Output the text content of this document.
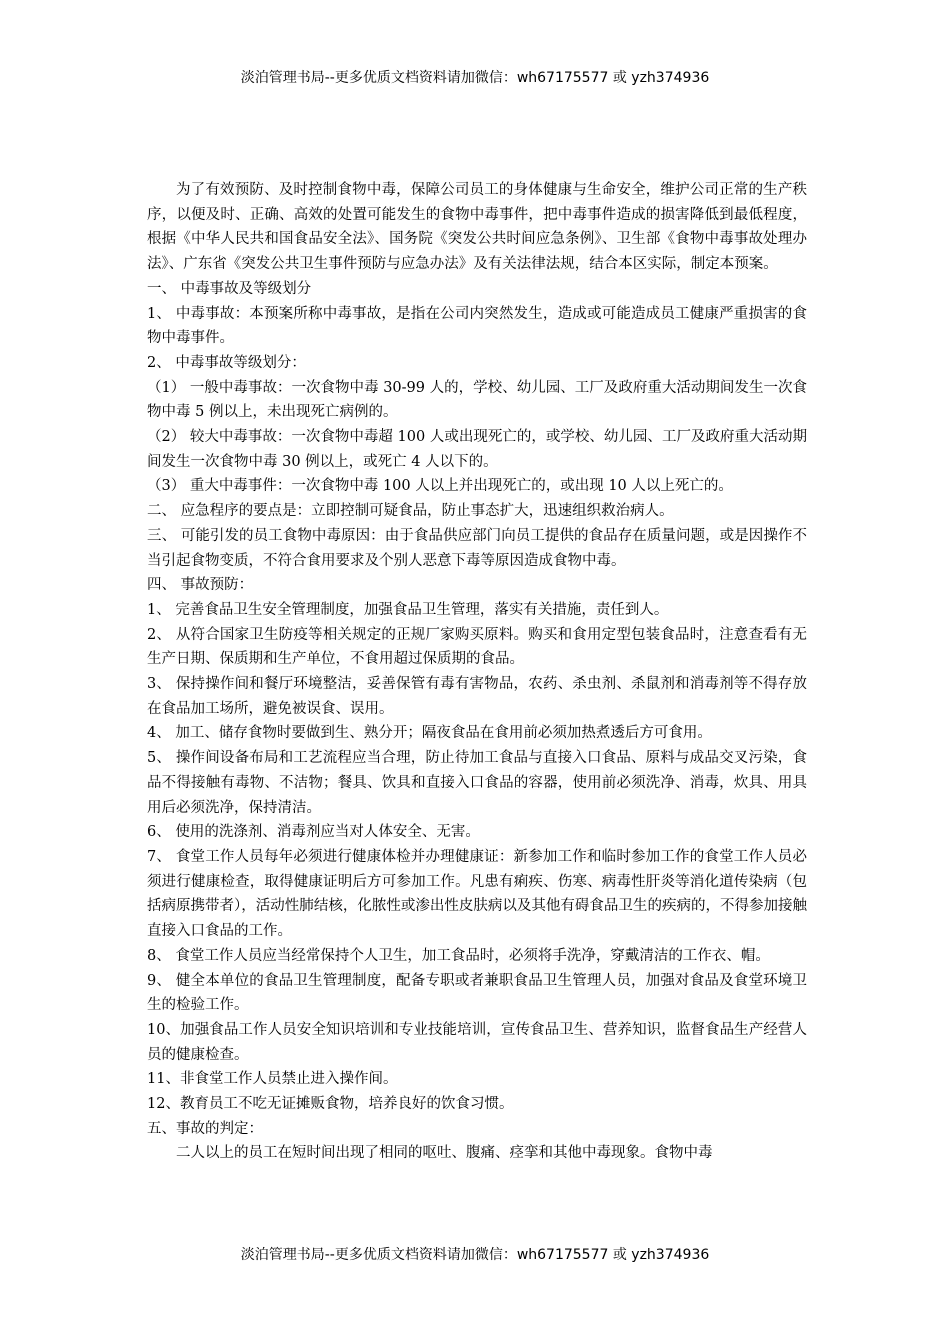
淡泊管理书局--更多优质文档资料请加微信：wh67175577 或 yzh374936

为了有效预防、及时控制食物中毒，保障公司员工的身体健康与生命安全，维护公司正常的生产秩序，以便及时、正确、高效的处置可能发生的食物中毒事件，把中毒事件造成的损害降低到最低程度，根据《中华人民共和国食品安全法》、国务院《突发公共时间应急条例》、卫生部《食物中毒事故处理办法》、广东省《突发公共卫生事件预防与应急办法》及有关法律法规，结合本区实际，制定本预案。

一、 中毒事故及等级划分

1、 中毒事故：本预案所称中毒事故，是指在公司内突然发生，造成或可能造成员工健康严重损害的食物中毒事件。

2、 中毒事故等级划分：

（1） 一般中毒事故：一次食物中毒 30-99 人的，学校、幼儿园、工厂及政府重大活动期间发生一次食物中毒 5 例以上，未出现死亡病例的。

（2） 较大中毒事故：一次食物中毒超 100 人或出现死亡的，或学校、幼儿园、工厂及政府重大活动期间发生一次食物中毒 30 例以上，或死亡 4 人以下的。

（3） 重大中毒事件：一次食物中毒 100 人以上并出现死亡的，或出现 10 人以上死亡的。

二、 应急程序的要点是：立即控制可疑食品，防止事态扩大，迅速组织救治病人。

三、 可能引发的员工食物中毒原因：由于食品供应部门向员工提供的食品存在质量问题，或是因操作不当引起食物变质，不符合食用要求及个别人恶意下毒等原因造成食物中毒。

四、 事故预防：

1、 完善食品卫生安全管理制度，加强食品卫生管理，落实有关措施，责任到人。

2、 从符合国家卫生防疫等相关规定的正规厂家购买原料。购买和食用定型包装食品时，注意查看有无生产日期、保质期和生产单位，不食用超过保质期的食品。

3、 保持操作间和餐厅环境整洁，妥善保管有毒有害物品，农药、杀虫剂、杀鼠剂和消毒剂等不得存放在食品加工场所，避免被误食、误用。

4、 加工、储存食物时要做到生、熟分开；隔夜食品在食用前必须加热煮透后方可食用。

5、 操作间设备布局和工艺流程应当合理，防止待加工食品与直接入口食品、原料与成品交叉污染，食品不得接触有毒物、不洁物；餐具、饮具和直接入口食品的容器，使用前必须洗净、消毒，炊具、用具用后必须洗净，保持清洁。

6、 使用的洗涤剂、消毒剂应当对人体安全、无害。

7、 食堂工作人员每年必须进行健康体检并办理健康证：新参加工作和临时参加工作的食堂工作人员必须进行健康检查，取得健康证明后方可参加工作。凡患有痢疾、伤寒、病毒性肝炎等消化道传染病（包括病原携带者），活动性肺结核，化脓性或渗出性皮肤病以及其他有碍食品卫生的疾病的，不得参加接触直接入口食品的工作。

8、 食堂工作人员应当经常保持个人卫生，加工食品时，必须将手洗净，穿戴清洁的工作衣、帽。

9、 健全本单位的食品卫生管理制度，配备专职或者兼职食品卫生管理人员，加强对食品及食堂环境卫生的检验工作。

10、加强食品工作人员安全知识培训和专业技能培训，宣传食品卫生、营养知识，监督食品生产经营人员的健康检查。

11、非食堂工作人员禁止进入操作间。

12、教育员工不吃无证摊贩食物，培养良好的饮食习惯。

五、事故的判定：

二人以上的员工在短时间出现了相同的呕吐、腹痛、痉挛和其他中毒现象。食物中毒

淡泊管理书局--更多优质文档资料请加微信：wh67175577 或 yzh374936
